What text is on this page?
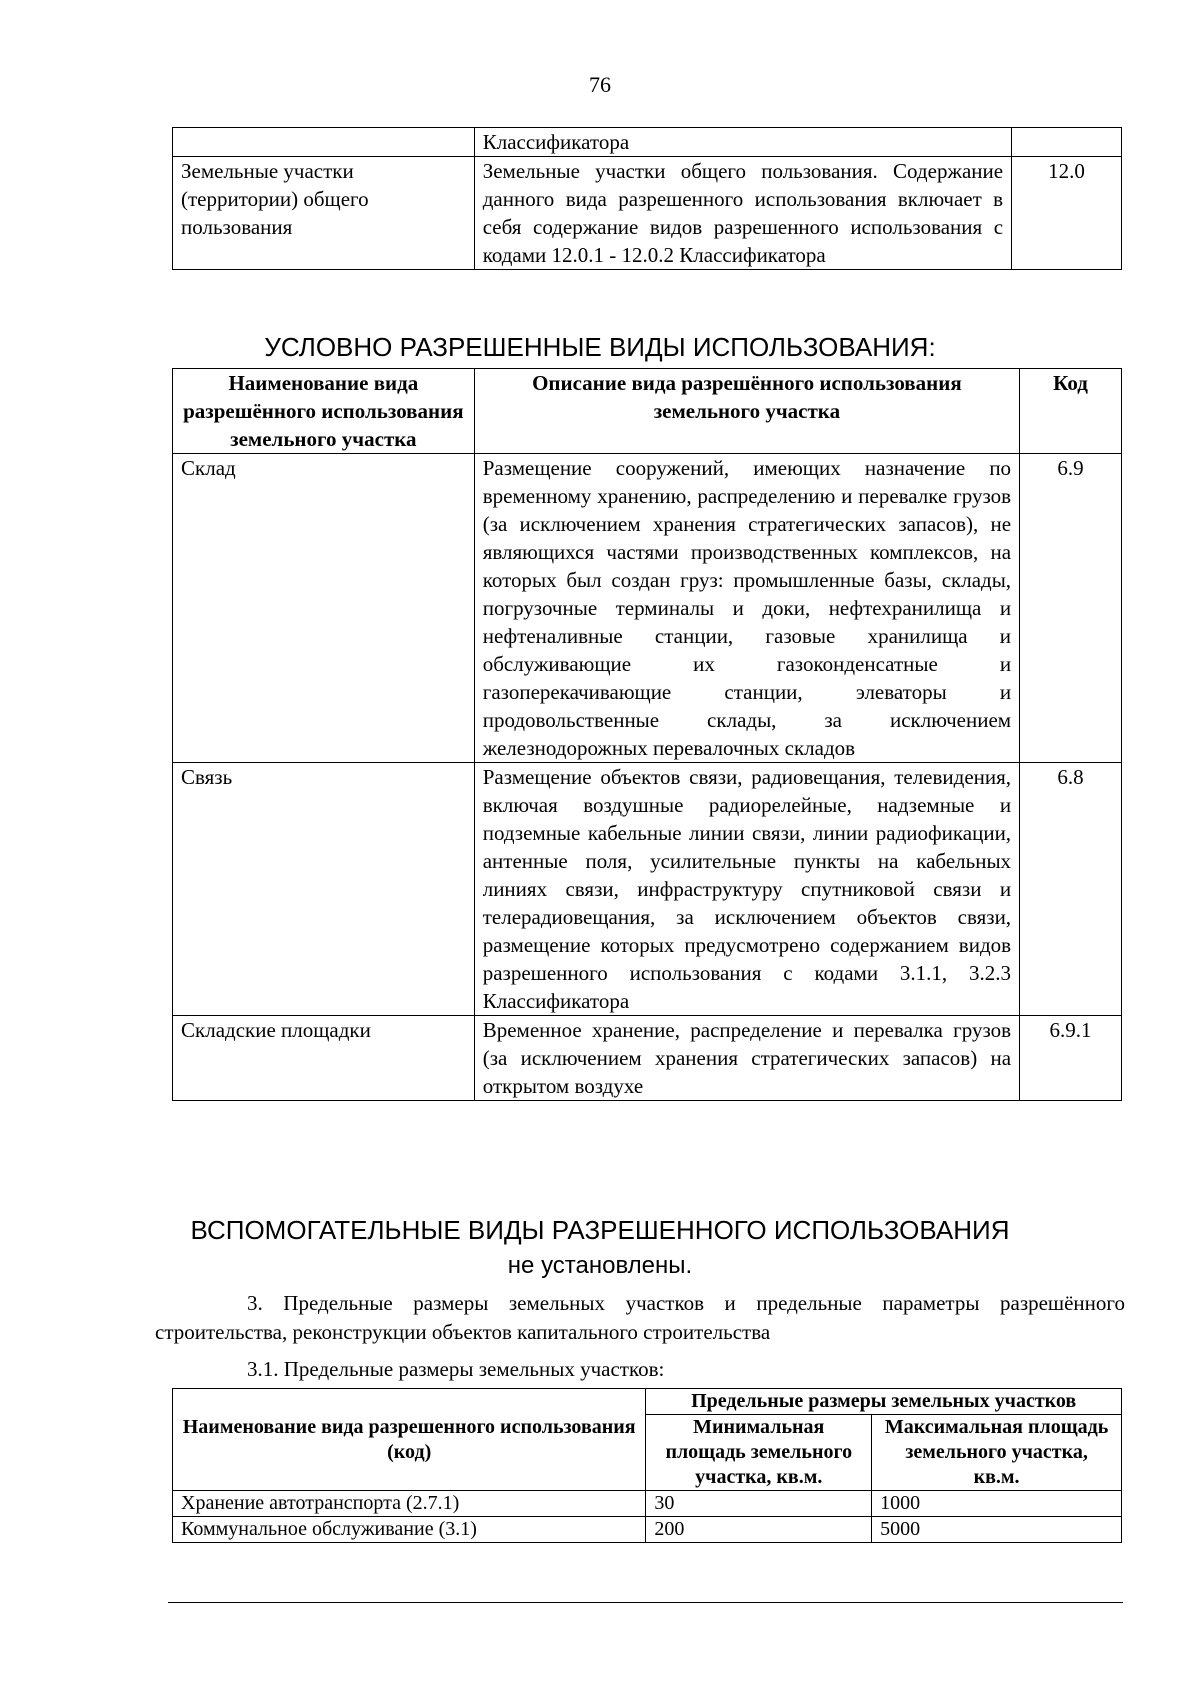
76
	Классификатора	
Земельные участки (территории) общего пользования	Земельные участки общего пользования. Содержание данного вида разрешенного использования включает в себя содержание видов разрешенного использования с кодами 12.0.1 - 12.0.2 Классификатора	12.0
УСЛОВНО РАЗРЕШЕННЫЕ ВИДЫ ИСПОЛЬЗОВАНИЯ:
Наименование вида разрешённого использования земельного участка	Описание вида разрешённого использования земельного участка	Код
Склад	Размещение сооружений, имеющих назначение по временному хранению, распределению и перевалке грузов (за исключением хранения стратегических запасов), не являющихся частями производственных комплексов, на которых был создан груз: промышленные базы, склады, погрузочные терминалы и доки, нефтехранилища и нефтеналивные станции, газовые хранилища и обслуживающие их газоконденсатные и газоперекачивающие станции, элеваторы и продовольственные склады, за исключением железнодорожных перевалочных складов	6.9
Связь	Размещение объектов связи, радиовещания, телевидения, включая воздушные радиорелейные, надземные и подземные кабельные линии связи, линии радиофикации, антенные поля, усилительные пункты на кабельных линиях связи, инфраструктуру спутниковой связи и телерадиовещания, за исключением объектов связи, размещение которых предусмотрено содержанием видов разрешенного использования с кодами 3.1.1, 3.2.3 Классификатора	6.8
Складские площадки	Временное хранение, распределение и перевалка грузов (за исключением хранения стратегических запасов) на открытом воздухе	6.9.1
ВСПОМОГАТЕЛЬНЫЕ ВИДЫ РАЗРЕШЕННОГО ИСПОЛЬЗОВАНИЯ
не установлены.
3. Предельные размеры земельных участков и предельные параметры разрешённого строительства, реконструкции объектов капитального строительства
3.1. Предельные размеры земельных участков:
Наименование вида разрешенного использования (код)	Предельные размеры земельных участков	
	Минимальная площадь земельного участка, кв.м.	Максимальная площадь земельного участка, кв.м.
Хранение автотранспорта (2.7.1)	30	1000
Коммунальное обслуживание (3.1)	200	5000
